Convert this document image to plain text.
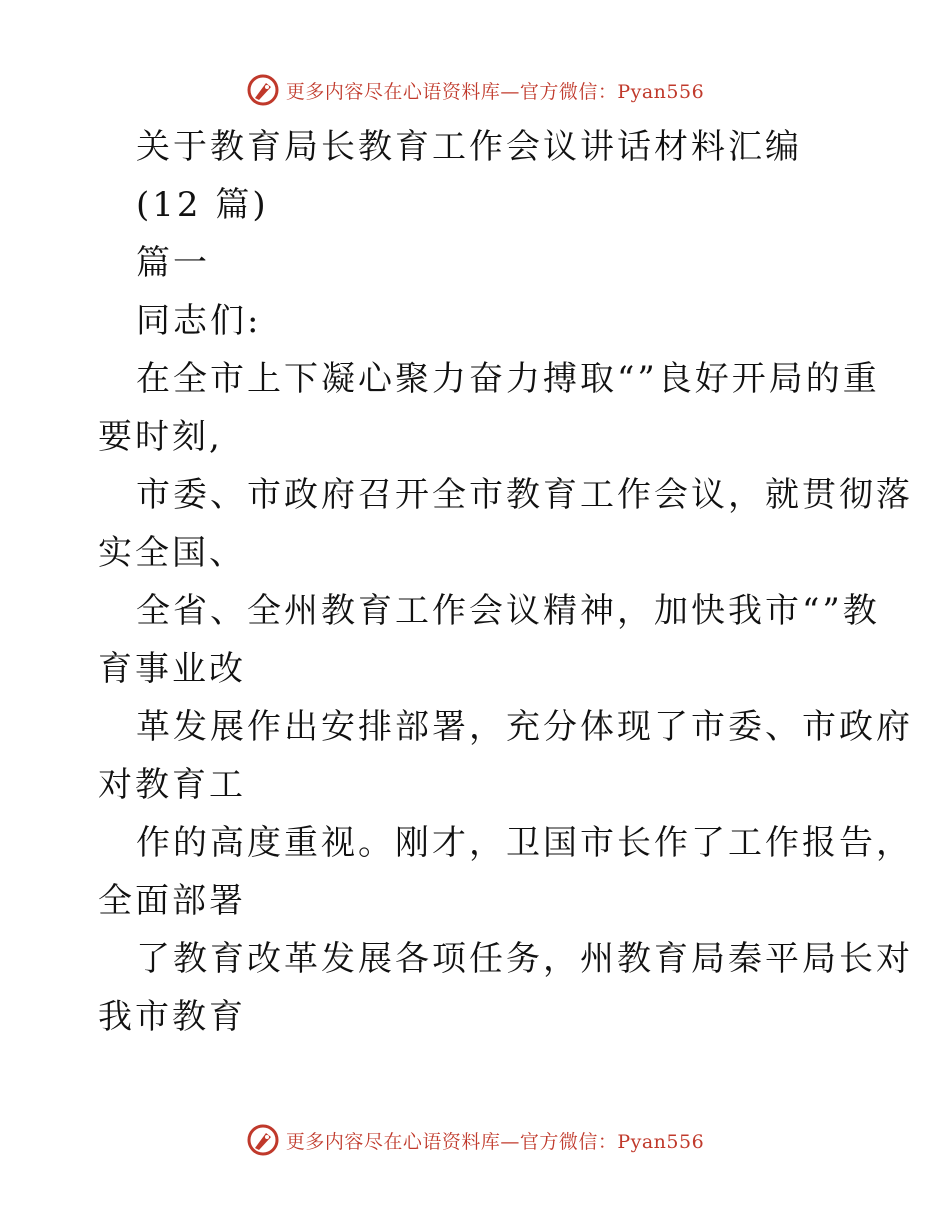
更多内容尽在心语资料库—官方微信：Pyan556
关于教育局长教育工作会议讲话材料汇编
(12 篇)
篇一
同志们:
在全市上下凝心聚力奋力搏取“”良好开局的重
要时刻,
市委、市政府召开全市教育工作会议，就贯彻落
实全国、
全省、全州教育工作会议精神，加快我市“”教
育事业改
革发展作出安排部署，充分体现了市委、市政府
对教育工
作的高度重视。刚才，卫国市长作了工作报告，
全面部署
了教育改革发展各项任务，州教育局秦平局长对
我市教育
更多内容尽在心语资料库—官方微信：Pyan556
